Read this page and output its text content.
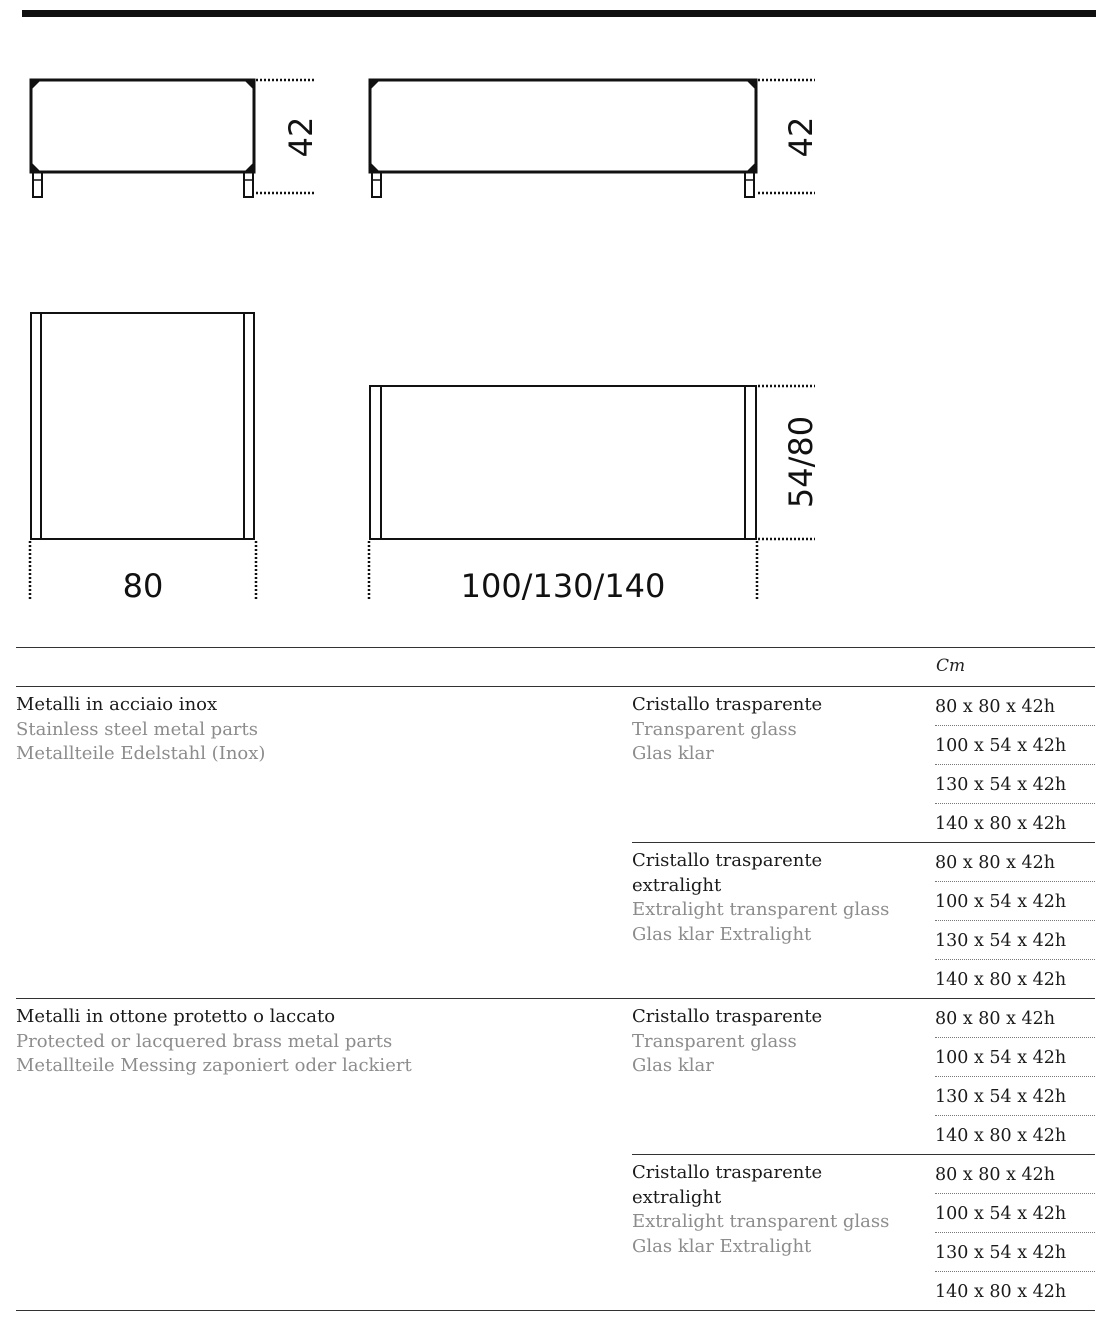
42	42
80
54/80
100/130/140
Cm

Metalli in acciaio inox

Stainless steel metal parts

Metallteile Edelstahl (Inox)

Cristallo trasparente

Transparent glass

Glas klar

80 x 80 x 42h
100 x 54 x 42h
130 x 54 x 42h
140 x 80 x 42h

Cristallo trasparente

extralight

Extralight transparent glass

Glas klar Extralight

80 x 80 x 42h
100 x 54 x 42h
130 x 54 x 42h
140 x 80 x 42h

Metalli in ottone protetto o laccato

Protected or lacquered brass metal parts

Metallteile Messing zaponiert oder lackiert

Cristallo trasparente

Transparent glass

Glas klar

80 x 80 x 42h
100 x 54 x 42h
130 x 54 x 42h
140 x 80 x 42h

Cristallo trasparente

extralight

Extralight transparent glass

Glas klar Extralight

80 x 80 x 42h
100 x 54 x 42h
130 x 54 x 42h
140 x 80 x 42h
